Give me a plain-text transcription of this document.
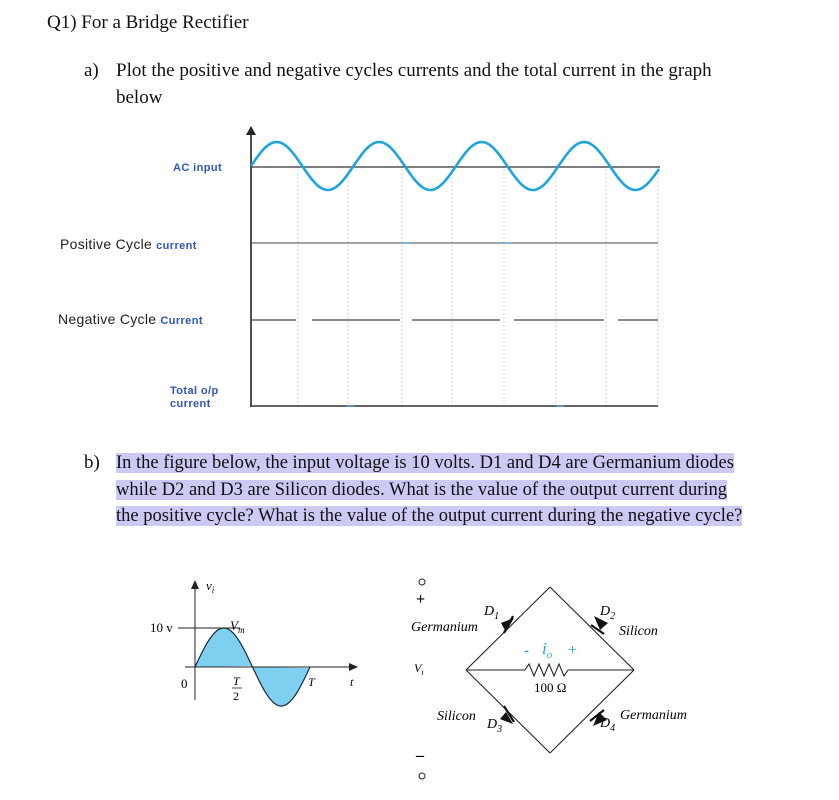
Q1) For a Bridge Rectifier
a) Plot the positive and negative cycles currents and the total current in the graph
below
AC input
Positive Cycle current
Negative Cycle Current
Total o/p
current
b) In the figure below, the input voltage is 10 volts. D1 and D4 are Germanium diodes
while D2 and D3 are Silicon diodes. What is the value of the output current during
the positive cycle? What is the value of the output current during the negative cycle?
$v_i$
10 v	$V_m$
0	T
2
T	t
+
–
$V_i$
$D_1$
Germanium
$D_2$
Silicon
$D_3$
Silicon	$D_4$
Germanium
- $i_o$ +
100 Ω
